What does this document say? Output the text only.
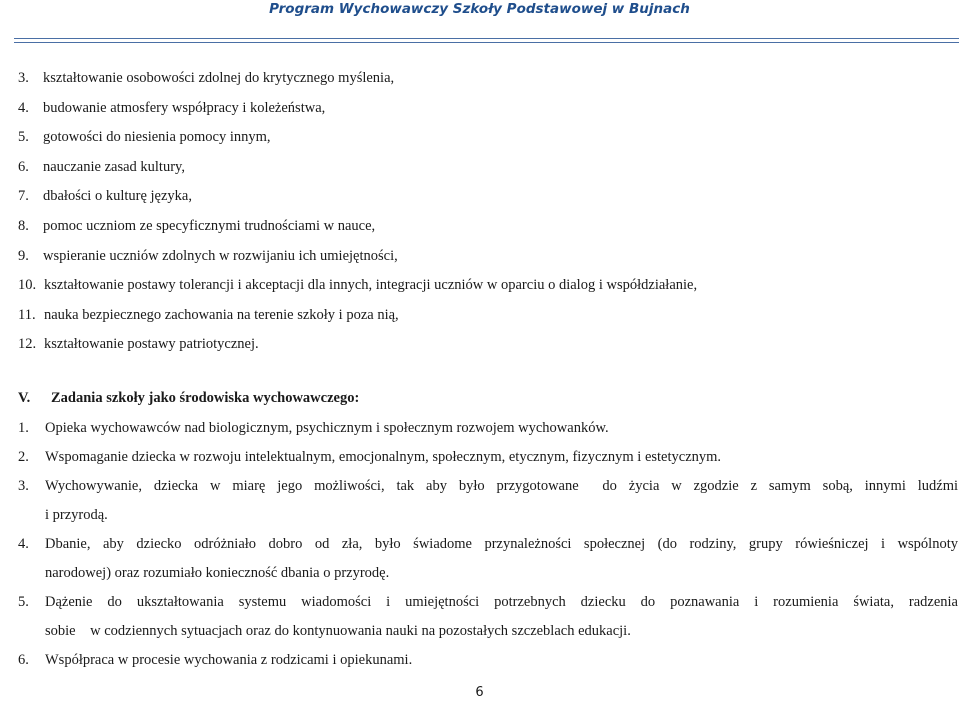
Program Wychowawczy Szkoły Podstawowej w Bujnach
3. kształtowanie osobowości zdolnej do krytycznego myślenia,
4. budowanie atmosfery współpracy i koleżeństwa,
5. gotowości do niesienia pomocy innym,
6. nauczanie zasad kultury,
7. dbałości o kulturę języka,
8. pomoc uczniom ze specyficznymi trudnościami w nauce,
9. wspieranie uczniów zdolnych w rozwijaniu ich umiejętności,
10. kształtowanie postawy tolerancji i akceptacji dla innych, integracji uczniów w oparciu o dialog i współdziałanie,
11. nauka bezpiecznego zachowania na terenie szkoły i poza nią,
12. kształtowanie postawy patriotycznej.
V. Zadania szkoły jako środowiska wychowawczego:
1. Opieka wychowawców nad biologicznym, psychicznym i społecznym rozwojem wychowanków.
2. Wspomaganie dziecka w rozwoju intelektualnym, emocjonalnym, społecznym, etycznym, fizycznym i estetycznym.
3. Wychowywanie, dziecka w miarę jego możliwości, tak aby było przygotowane  do życia w zgodzie z samym sobą, innymi ludźmi
i przyrodą.
4. Dbanie, aby dziecko odróżniało dobro od zła, było świadome przynależności społecznej (do rodziny, grupy rówieśniczej i wspólnoty
narodowej) oraz rozumiało konieczność dbania o przyrodę.
5. Dążenie do ukształtowania systemu wiadomości i umiejętności potrzebnych dziecku do poznawania i rozumienia świata, radzenia
sobie    w codziennych sytuacjach oraz do kontynuowania nauki na pozostałych szczeblach edukacji.
6. Współpraca w procesie wychowania z rodzicami i opiekunami.
6
